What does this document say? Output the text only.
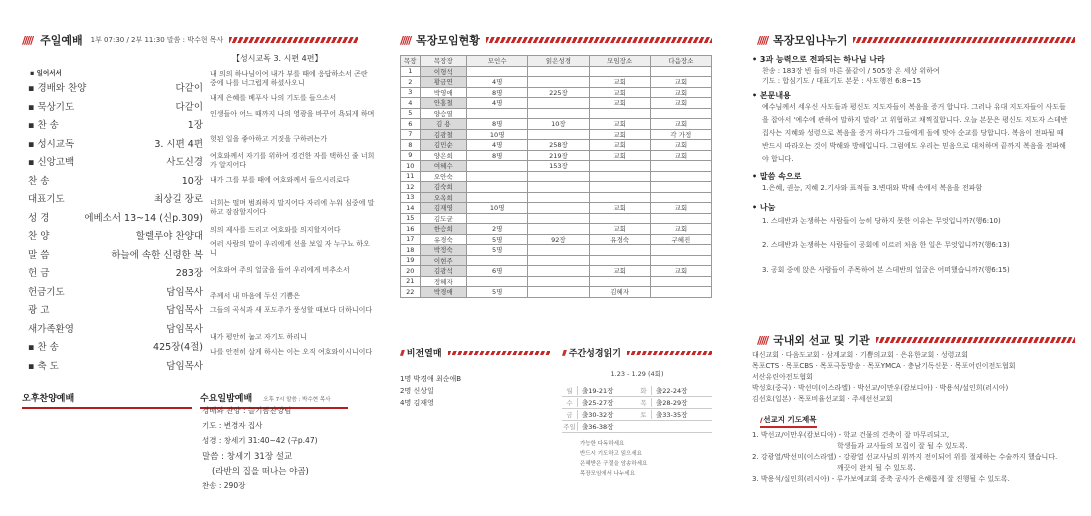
///// 주일예배 1부 07:30 / 2부 11:30 말씀 : 박수현 목사
▪ 일어서서
【성시교독 3. 시편 4편】
오후찬양예배	수요일밤예배 오후 7시 말씀 : 박수현 목사
///// 목장모임현황
목장	목장장	모인수	읽은성경	모임장소	다음장소
1	이형석				
2	황금연	4명		교회	교회
3	박영애	8명	225장	교회	교회
4	안홍철	4명		교회	교회
5	양승열				
6	김 용	8명	10장	교회	교회
7	김광철	10명		교회	각 가정
8	김민순	4명	258장	교회	교회
9	양은희	8명	219장	교회	교회
10	여혜수		153장		
11	오안숙				
12	김숙희				
13	오옥희				
14	김재영	10명		교회	교회
15	김도균				
16	한승희	2명		교회	교회
17	유경숙	5명	92장	유경숙	구혜진
18	박정숙	5명			
19	이현주				
20	김광석	6명		교회	교회
21	정혜자				
22	박경애	5명		김혜자	
///// 비전열매
1명 박경애 최순애B
2명 신상일
4명 김재영
///// 주간성경읽기
1.23 - 1.29 (4회)
월	출19-21장	화	출22-24장
수	출25-27장	목	출28-29장
금	출30-32장	토	출33-35장
주일 출36-38장
가능한 다독하세요
반드시 기도하고 읽으세요
은혜받은 구절을 암송하세요
목장모임에서 나누세요
///// 목장모임나누기
• 3과 능력으로 전파되는 하나님 나라
찬송 : 183장 빈 들의 마른 풀같이 / 505장 온 세상 위하여
기도 : 합심기도 / 대표기도 본문 : 사도행전 6:8~15
• 본문내용
예수님께서 세우신 사도들과 평신도 지도자들이 복음을 증거 합니다. 그러나 유대 지도자들이 사도들을 잡아서 '예수에 관하여 말하지 말라' 고 위협하고 채찍질합니다. 오늘 본문은 평신도 지도자 스데반집사는 지혜와 성령으로 복음을 증거 하다가 그들에게 돌에 맞아 순교를 당합니다. 복음이 전파될 때 반드시 따라오는 것이 박해와 방해입니다. 그럼에도 우리는 믿음으로 대처하며 끝까지 복음을 전파해야 합니다.
• 말씀 속으로
1.은혜, 권능, 지혜 2.기사와 표적들 3.변대와 박해 속에서 복음을 전파함
• 나눔
1. 스데반과 논쟁하는 사람들이 능히 당하지 못한 이유는 무엇입니까?(행6:10)
2. 스데반과 논쟁하는 사람들이 공회에 이르러 처음 한 일은 무엇입니까?(행6:13)
3. 공회 중에 앉은 사람들이 주목하여 본 스데반의 얼굴은 어떠했습니까?(행6:15)
///// 국내외 선교 및 기관
대신교회 · 다음도교회 · 삼계교회 · 기쁨의교회 · 은유한교회 · 성령교회
목포CTS · 목포CBS · 목포극동방송 · 목포YMCA · 충남기독신문 · 목포어린이전도협회
서산유린아전도협회
박성호(중국) · 박선미(이스라엘) · 박선교/이만우(캄보디아) · 박용석/설인희(러시아)
김선호(일본) · 목포비율선교회 · 주세선선교회
/// 선교지 기도제목
1. 박선교/이만우(캄보디아) - 학교 건물의 건축이 잘 마무리되고,
학생들과 교사들의 모집이 잘 될 수 있도록.
2. 강광열/박선미(이스라엘) - 강광열 선교사님의 위까지 전이되어 위를 절제하는 수술까지 했습니다.
깨끗이 완치 될 수 있도록.
3. 박용석/실인희(러시아) - 루가보예교회 증축 공사가 은혜롭게 잘 진행될 수 있도록.
▪ 경배와 찬양	다같이
▪ 묵상기도	다같이
▪ 찬 송	1장
▪ 성시교독	3. 시편 4편
▪ 신앙고백	사도신경
찬 송	10장
대표기도	최상길 장로
성 경	에베소서 13~14 (신p.309)
찬 양	할렐루야 찬양대
말 씀	하늘에 속한 신령한 복
헌 금	283장
헌금기도	담임목사
광 고	담임목사
새가족환영	담임목사
▪ 찬 송	425장(4절)
▪ 축 도	담임목사
내 의의 하나님이여 내가 부를 때에 응답하소서 곤란 중에 나를 너그럽게 하셨사오니
내게 은혜를 베푸사 나의 기도를 들으소서
인생들아 어느 때까지 나의 영광을 바꾸어 욕되게 하며
헛된 일을 좋아하고 거짓을 구하려는가
여호와께서 자기를 위하여 경건한 자를 택하신 줄 너희가 알지어다
내가 그를 부를 때에 여호와께서 들으시리로다
너희는 떨며 범죄하지 말지어다 자리에 누워 심중에 말하고 잠잠할지어다
의의 제사를 드리고 여호와를 의지할지어다
여러 사람의 말이 우리에게 선을 보일 자 누구뇨 하오니
여호와여 주의 얼굴을 들어 우리에게 비추소서
주께서 내 마음에 두신 기쁨은
그들의 곡식과 새 포도주가 풍성할 때보다 더하니이다
내가 평안히 눕고 자기도 하리니
나를 안전히 살게 하시는 이는 오직 여호와이시니이다
경배와 찬양 : 늘기쁨찬양팀
기도 : 변경자 집사
성경 : 창세기 31:40~42 (구p.47)
말씀 : 창세기 31장 설교
(라반의 집을 떠나는 야곱)
찬송 : 290장
